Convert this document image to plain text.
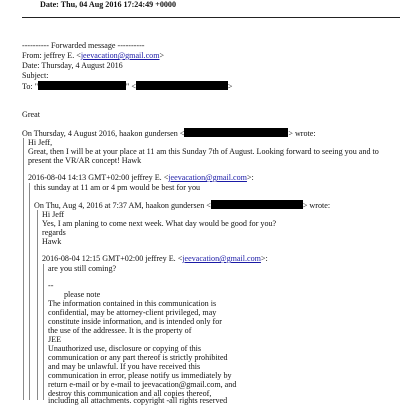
Date: Thu, 04 Aug 2016 17:24:49 +0000
---------- Forwarded message ----------
From: jeffrey E. <jeevacation@gmail.com>
Date: Thursday, 4 August 2016
Subject:
To: "	" <	>
Great
On Thursday, 4 August 2016, haakon gundersen <	> wrote:
Hi Jeff,
Great, then I will be at your place at 11 am this Sunday 7th of August. Looking forward to seeing you and to
present the VR/AR concept! Hawk
2016-08-04 14:13 GMT+02:00 jeffrey E. <jeevacation@gmail.com>:
this sunday at 11 am or 4 pm would be best for you
On Thu, Aug 4, 2016 at 7:37 AM, haakon gundersen <	> wrote:
Hi Jeff
Yes, I am planing to come next week. What day would be good for you?
regards
Hawk
2016-08-04 12:15 GMT+02:00 jeffrey E. <jeevacation@gmail.com>:
are you still coming?
--
please note
The information contained in this communication is
confidential, may be attorney-client privileged, may
constitute inside information, and is intended only for
the use of the addressee. It is the property of
JEE
Unauthorized use, disclosure or copying of this
communication or any part thereof is strictly prohibited
and may be unlawful. If you have received this
communication in error, please notify us immediately by
return e-mail or by e-mail to jeevacation@gmail.com, and
destroy this communication and all copies thereof,
including all attachments. copyright -all rights reserved
